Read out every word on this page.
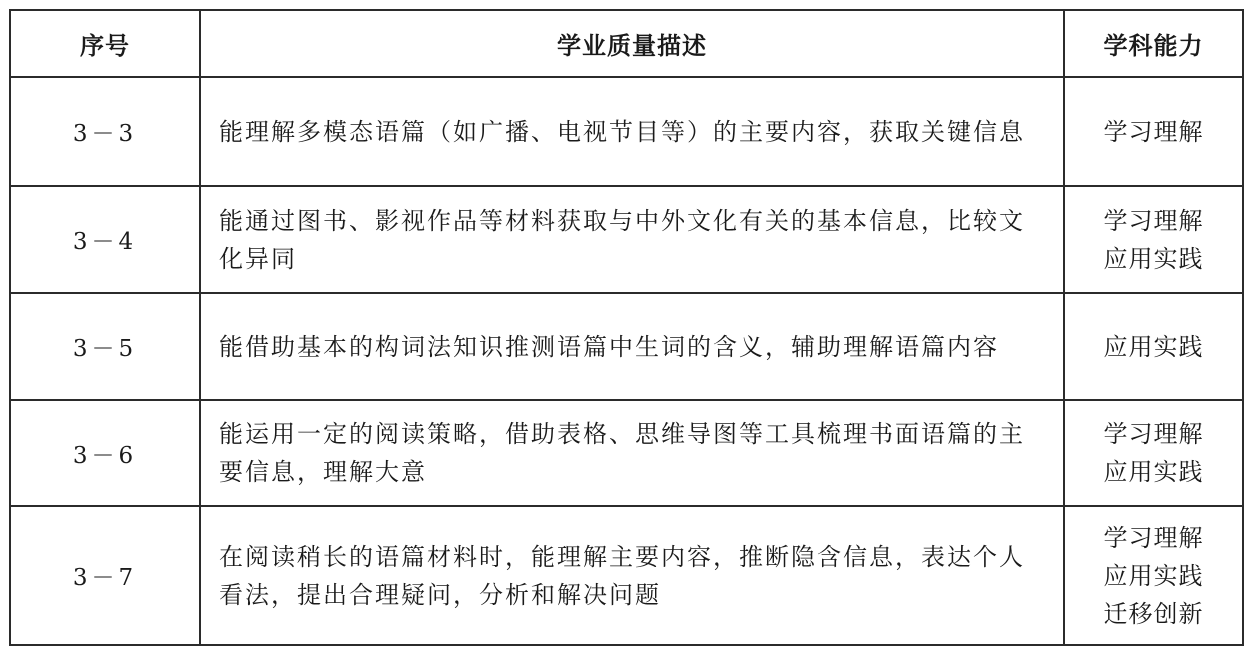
序号	学业质量描述	学科能力
3－3	能理解多模态语篇（如广播、电视节目等）的主要内容，获取关键信息	学习理解

3－4	能通过图书、影视作品等材料获取与中外文化有关的基本信息，比较文化异同	学习理解
应用实践

3－5	能借助基本的构词法知识推测语篇中生词的含义，辅助理解语篇内容	应用实践

3－6	能运用一定的阅读策略，借助表格、思维导图等工具梳理书面语篇的主要信息，理解大意	学习理解
应用实践

3－7	在阅读稍长的语篇材料时，能理解主要内容，推断隐含信息，表达个人看法，提出合理疑问，分析和解决问题	学习理解
应用实践
迁移创新
